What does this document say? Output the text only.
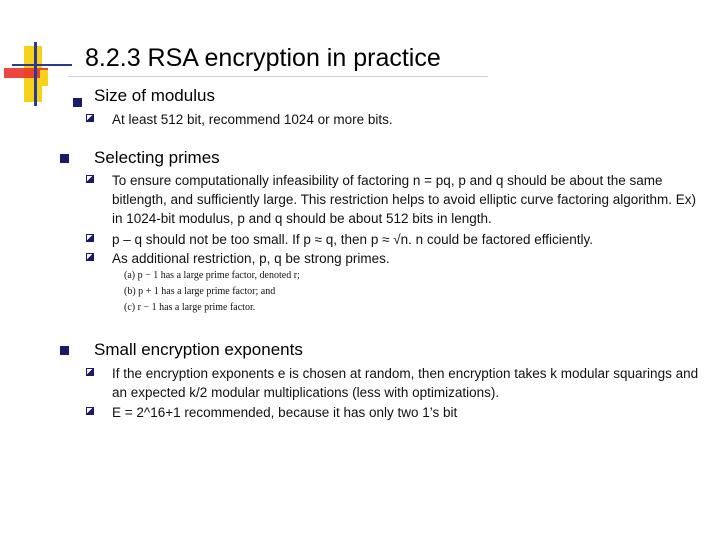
8.2.3 RSA encryption in practice
Size of modulus
At least 512 bit, recommend 1024 or more bits.
Selecting primes
To ensure computationally infeasibility of factoring n = pq, p and q should be about the same bitlength, and sufficiently large. This restriction helps to avoid elliptic curve factoring algorithm. Ex) in 1024-bit modulus, p and q should be about 512 bits in length.
p – q should not be too small. If p ≈ q, then p ≈ √n. n could be factored efficiently.
As additional restriction, p, q be strong primes.
(a) p − 1 has a large prime factor, denoted r;
(b) p + 1 has a large prime factor; and
(c) r − 1 has a large prime factor.
Small encryption exponents
If the encryption exponents e is chosen at random, then encryption takes k modular squarings and an expected k/2 modular multiplications (less with optimizations).
E = 2^16+1 recommended, because it has only two 1’s bit
